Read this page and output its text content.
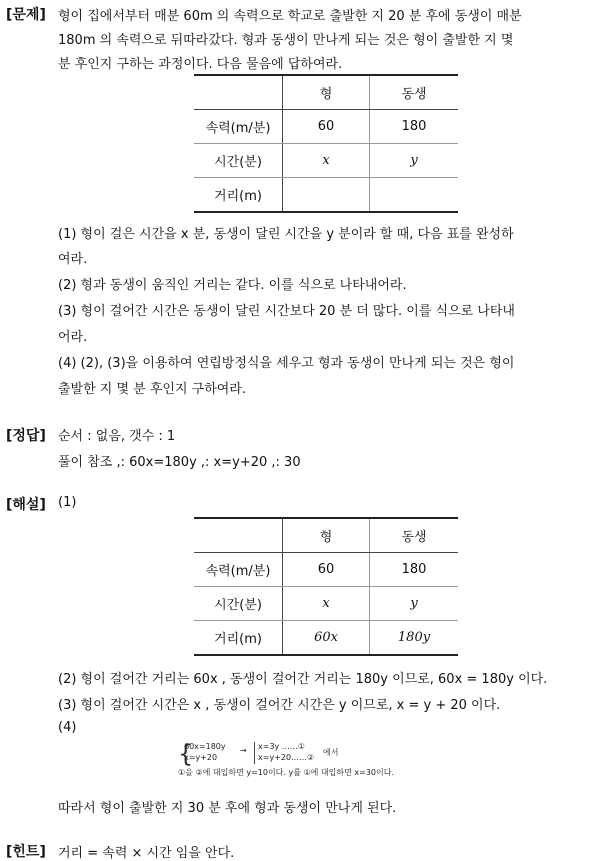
[문제] 형이 집에서부터 매분 60m 의 속력으로 학교로 출발한 지 20 분 후에 동생이 매분
180m 의 속력으로 뒤따라갔다. 형과 동생이 만나게 되는 것은 형이 출발한 지 몇
분 후인지 구하는 과정이다. 다음 물음에 답하여라.
	형	동생
속력(m/분)	60	180
시간(분)	x	y
거리(m)		
(1) 형이 걸은 시간을 x 분, 동생이 달린 시간을 y 분이라 할 때, 다음 표를 완성하
여라.
(2) 형과 동생이 움직인 거리는 같다. 이를 식으로 나타내어라.
(3) 형이 걸어간 시간은 동생이 달린 시간보다 20 분 더 많다. 이를 식으로 나타내
어라.
(4) (2), (3)을 이용하여 연립방정식을 세우고 형과 동생이 만나게 되는 것은 형이
출발한 지 몇 분 후인지 구하여라.
[정답] 순서 : 없음, 갯수 : 1
풀이 참조 ,: 60x=180y ,: x=y+20 ,: 30
[해설] (1)
	형	동생
속력(m/분)	60	180
시간(분)	x	y
거리(m)	60x	180y
(2) 형이 걸어간 거리는 60x , 동생이 걸어간 거리는 180y 이므로, 60x = 180y 이다.
(3) 형이 걸어간 시간은 x , 동생이 걸어간 시간은 y 이므로, x = y + 20 이다.
(4)
{
60x=180y
x=y+20
→ x=3y ……①
x=y+20……②
에서
①을 ②에 대입하면 y=10이다. y를 ①에 대입하면 x=30이다.
따라서 형이 출발한 지 30 분 후에 형과 동생이 만나게 된다.
[힌트] 거리 = 속력 × 시간 임을 안다.
